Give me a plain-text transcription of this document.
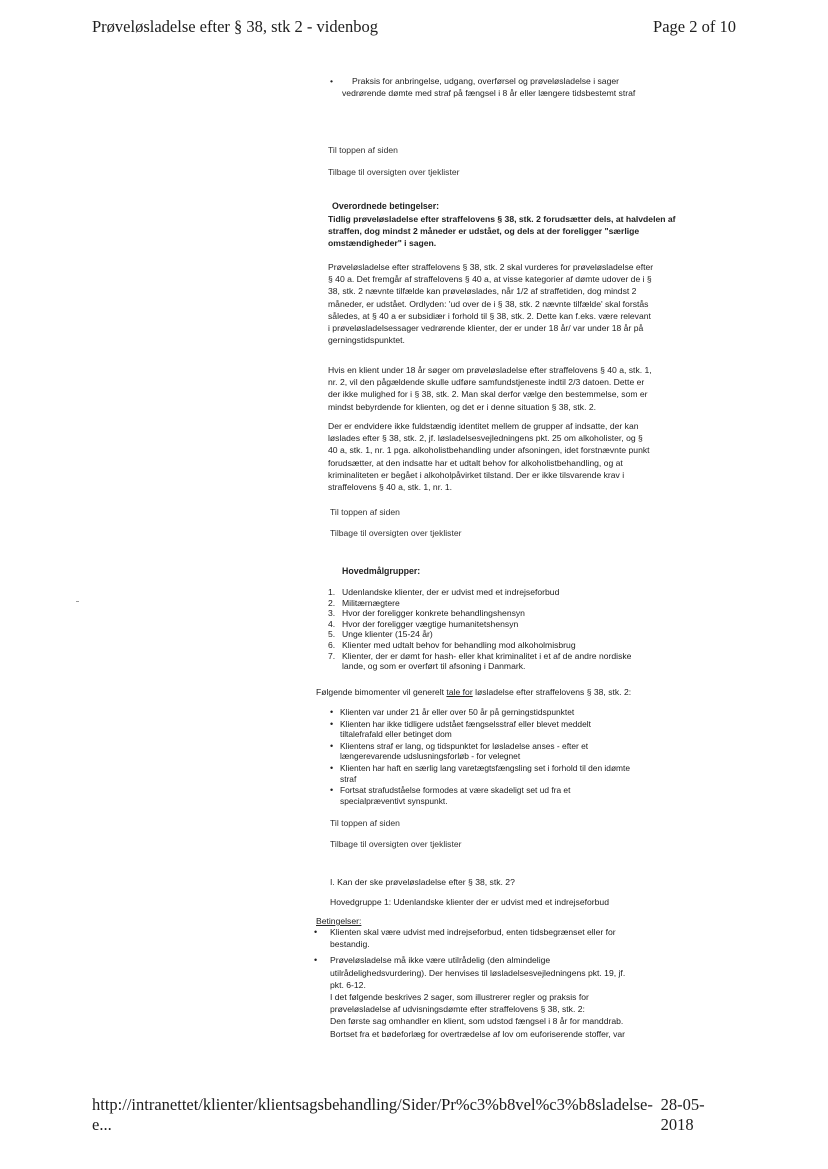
Prøveløsladelse efter § 38, stk 2 - videnbog	Page 2 of 10
•	Praksis for anbringelse, udgang, overførsel og prøveløsladelse i sager
vedrørende dømte med straf på fængsel i 8 år eller længere tidsbestemt straf
Til toppen af siden
Tilbage til oversigten over tjeklister
Overordnede betingelser:
Tidlig prøveløsladelse efter straffelovens § 38, stk. 2 forudsætter dels, at halvdelen af
straffen, dog mindst 2 måneder er udstået, og dels at der foreligger "særlige
omstændigheder" i sagen.
Prøveløsladelse efter straffelovens § 38, stk. 2 skal vurderes for prøveløsladelse efter
§ 40 a. Det fremgår af straffelovens § 40 a, at visse kategorier af dømte udover de i §
38, stk. 2 nævnte tilfælde kan prøveløslades, når 1/2 af straffetiden, dog mindst 2
måneder, er udstået. Ordlyden: 'ud over de i § 38, stk. 2 nævnte tilfælde' skal forstås
således, at § 40 a er subsidiær i forhold til § 38, stk. 2. Dette kan f.eks. være relevant
i prøveløsladelsessager vedrørende klienter, der er under 18 år/ var under 18 år på
gerningstidspunktet.
Hvis en klient under 18 år søger om prøveløsladelse efter straffelovens § 40 a, stk. 1,
nr. 2, vil den pågældende skulle udføre samfundstjeneste indtil 2/3 datoen. Dette er
der ikke mulighed for i § 38, stk. 2. Man skal derfor vælge den bestemmelse, som er
mindst bebyrdende for klienten, og det er i denne situation § 38, stk. 2.
Der er endvidere ikke fuldstændig identitet mellem de grupper af indsatte, der kan
løslades efter § 38, stk. 2, jf. løsladelsesvejledningens pkt. 25 om alkoholister, og §
40 a, stk. 1, nr. 1 pga. alkoholistbehandling under afsoningen, idet forstnævnte punkt
forudsætter, at den indsatte har et udtalt behov for alkoholistbehandling, og at
kriminaliteten er begået i alkoholpåvirket tilstand. Der er ikke tilsvarende krav i
straffelovens § 40 a, stk. 1, nr. 1.
Til toppen af siden
Tilbage til oversigten over tjeklister
Hovedmålgrupper:
1. Udenlandske klienter, der er udvist med et indrejseforbud
2. Militærnægtere
3. Hvor der foreligger konkrete behandlingshensyn
4. Hvor der foreligger vægtige humanitetshensyn
5. Unge klienter (15-24 år)
6. Klienter med udtalt behov for behandling mod alkoholmisbrug
7. Klienter, der er dømt for hash- eller khat kriminalitet i et af de andre nordiske
lande, og som er overført til afsoning i Danmark.
Følgende bimomenter vil generelt tale for løsladelse efter straffelovens § 38, stk. 2:
• Klienten var under 21 år eller over 50 år på gerningstidspunktet
• Klienten har ikke tidligere udstået fængselsstraf eller blevet meddelt
tiltalefrafald eller betinget dom
• Klientens straf er lang, og tidspunktet for løsladelse anses - efter et
længerevarende udslusningsforløb - for velegnet
• Klienten har haft en særlig lang varetægtsfængsling set i forhold til den idømte
straf
• Fortsat strafudståelse formodes at være skadeligt set ud fra et
specialpræventivt synspunkt.
Til toppen af siden
Tilbage til oversigten over tjeklister
I. Kan der ske prøveløsladelse efter § 38, stk. 2?
Hovedgruppe 1: Udenlandske klienter der er udvist med et indrejseforbud
Betingelser:
• Klienten skal være udvist med indrejseforbud, enten tidsbegrænset eller for
bestandig.
• Prøveløsladelse må ikke være utilrådelig (den almindelige
utilrådelighedsvurdering). Der henvises til løsladelsesvejledningens pkt. 19, jf.
pkt. 6-12.
I det følgende beskrives 2 sager, som illustrerer regler og praksis for
prøveløsladelse af udvisningsdømte efter straffelovens § 38, stk. 2:
Den første sag omhandler en klient, som udstod fængsel i 8 år for manddrab.
Bortset fra et bødeforlæg for overtrædelse af lov om euforiserende stoffer, var
http://intranettet/klienter/klientsagsbehandling/Sider/Pr%c3%b8vel%c3%b8sladelse-e...
28-05-2018
